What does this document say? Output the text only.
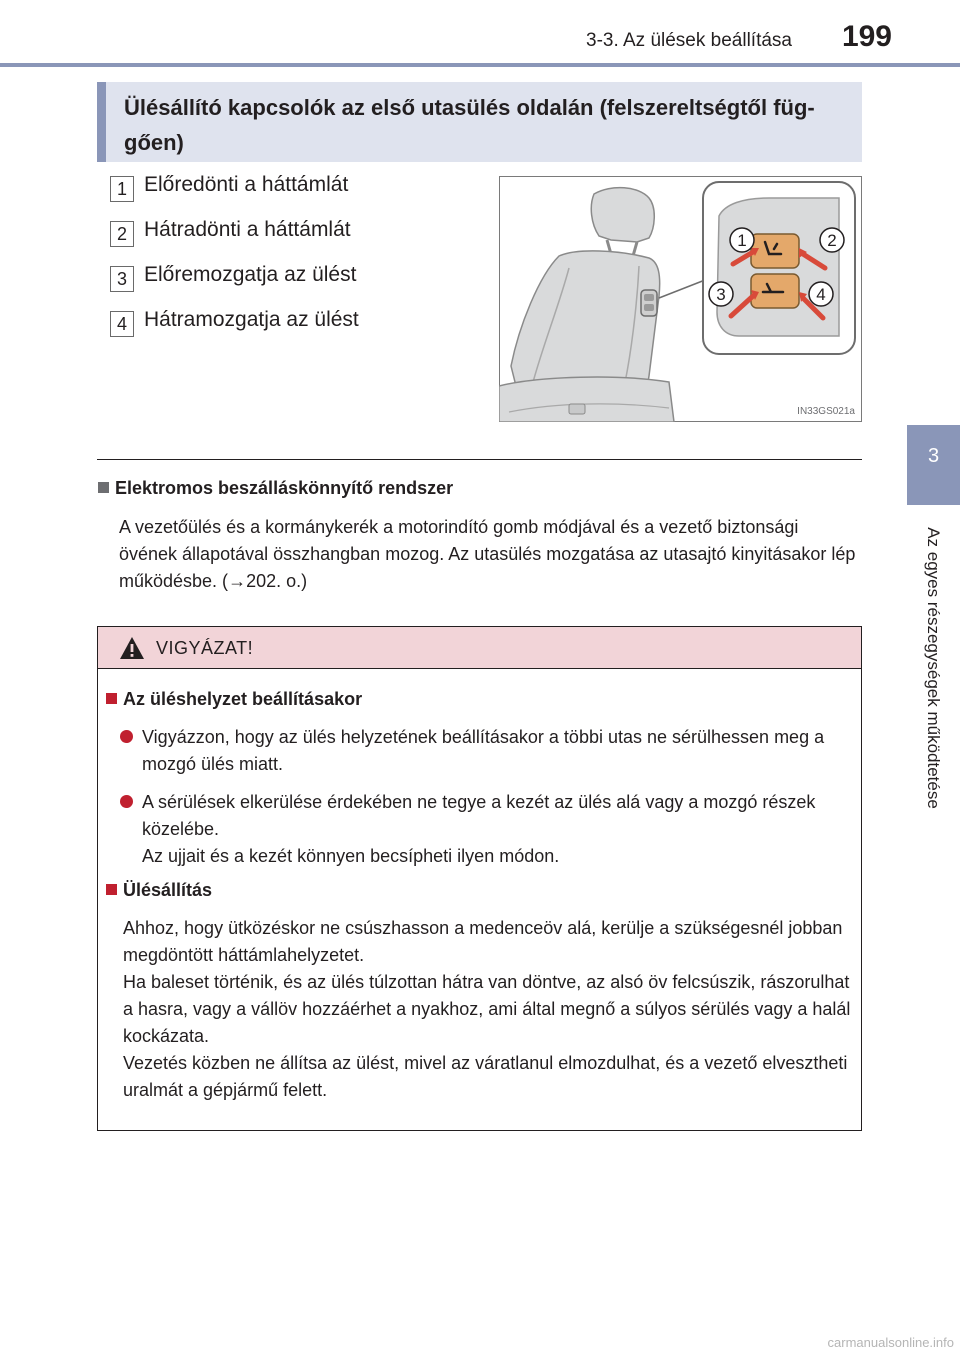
3-3. Az ülések beállítása 199
3
Az egyes részegységek működtetése
Ülésállító kapcsolók az első utasülés oldalán (felszereltségtől füg-
gően)
1 Előredönti a háttámlát
2 Hátradönti a háttámlát
3 Előremozgatja az ülést
4 Hátramozgatja az ülést
1	2
3	4
IN33GS021a
Elektromos beszálláskönnyítő rendszer
A vezetőülés és a kormánykerék a motorindító gomb módjával és a vezető biztonsági övének állapotával összhangban mozog. Az utasülés mozgatása az utasajtó kinyitásakor lép működésbe. (→202. o.)
VIGYÁZAT!
Az üléshelyzet beállításakor
Vigyázzon, hogy az ülés helyzetének beállításakor a többi utas ne sérülhessen meg a mozgó ülés miatt.
A sérülések elkerülése érdekében ne tegye a kezét az ülés alá vagy a mozgó részek közelébe.
Az ujjait és a kezét könnyen becsípheti ilyen módon.
Ülésállítás
Ahhoz, hogy ütközéskor ne csúszhasson a medenceöv alá, kerülje a szükségesnél jobban megdöntött háttámlahelyzetet.
Ha baleset történik, és az ülés túlzottan hátra van döntve, az alsó öv felcsúszik, rászorulhat a hasra, vagy a vállöv hozzáérhet a nyakhoz, ami által megnő a súlyos sérülés vagy a halál kockázata.
Vezetés közben ne állítsa az ülést, mivel az váratlanul elmozdulhat, és a vezető elvesztheti uralmát a gépjármű felett.
carmanualsonline.info
